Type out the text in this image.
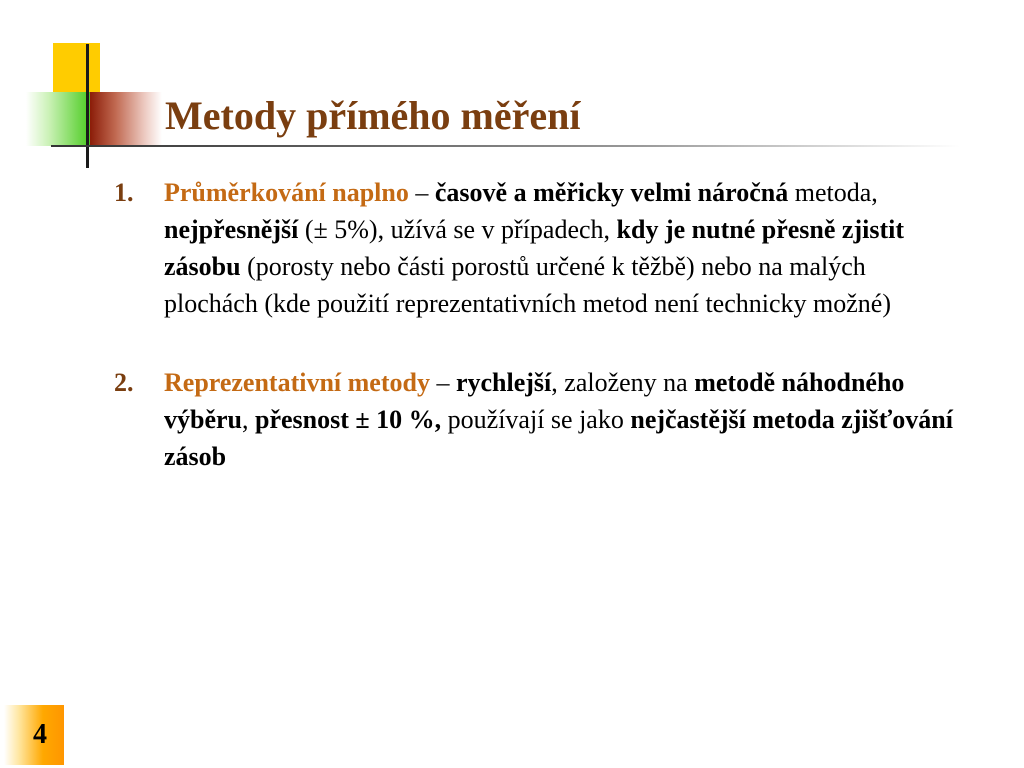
Metody přímého měření
1.	Průměrkování naplno – časově a měřicky velmi náročná metoda, nejpřesnější (± 5%), užívá se v případech, kdy je nutné přesně zjistit zásobu (porosty nebo části porostů určené k těžbě) nebo na malých plochách (kde použití reprezentativních metod není technicky možné)
2.	Reprezentativní metody – rychlejší, založeny na metodě náhodného výběru, přesnost ± 10 %, používají se jako nejčastější metoda zjišťování zásob
4
